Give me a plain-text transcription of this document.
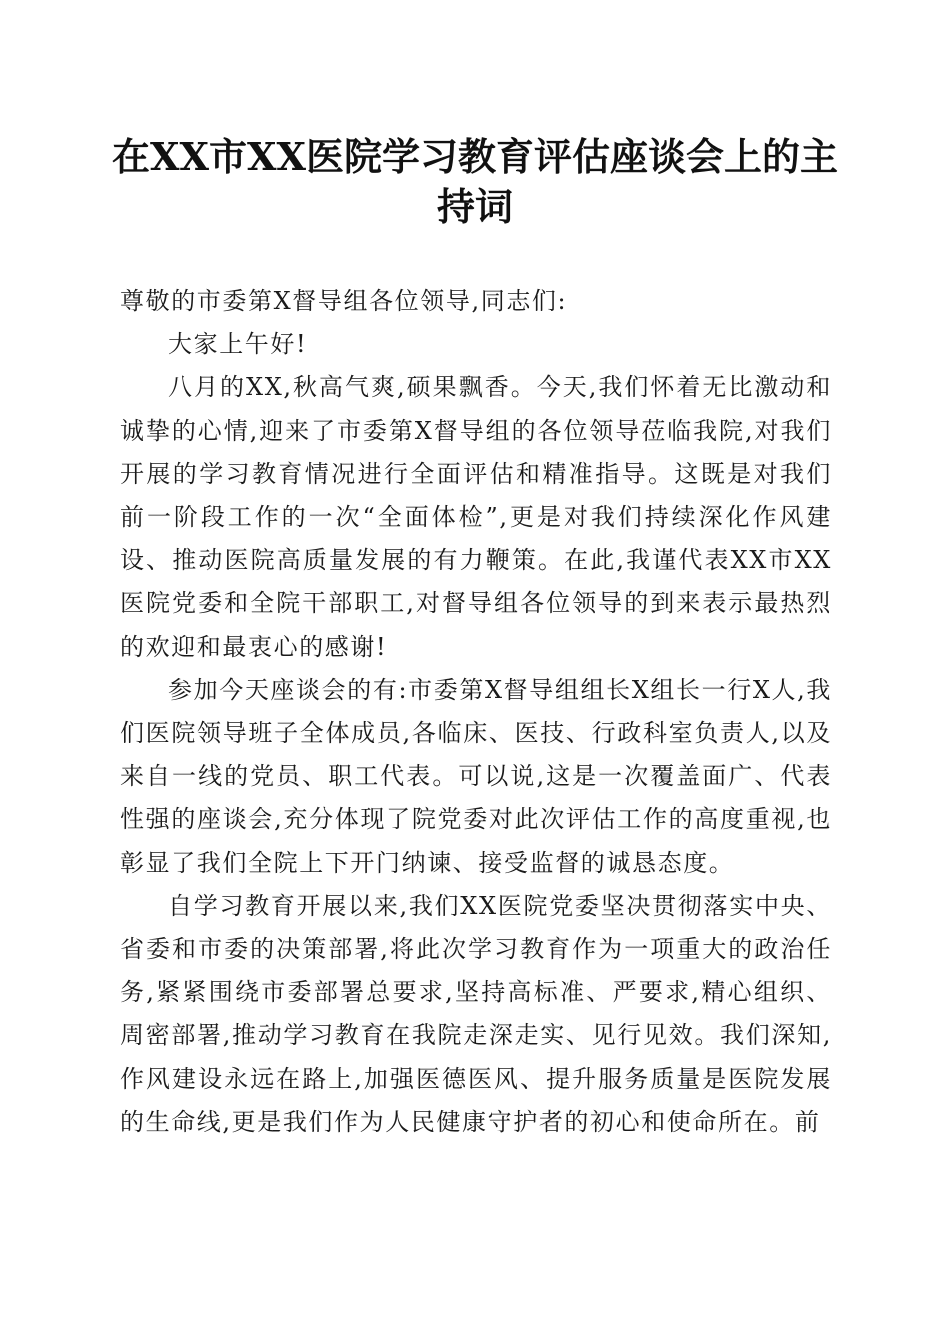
在XX市XX医院学习教育评估座谈会上的主持词

尊敬的市委第X督导组各位领导,同志们:

大家上午好!

八月的XX,秋高气爽,硕果飘香。今天,我们怀着无比激动和诚挚的心情,迎来了市委第X督导组的各位领导莅临我院,对我们开展的学习教育情况进行全面评估和精准指导。这既是对我们前一阶段工作的一次“全面体检”,更是对我们持续深化作风建设、推动医院高质量发展的有力鞭策。在此,我谨代表XX市XX医院党委和全院干部职工,对督导组各位领导的到来表示最热烈的欢迎和最衷心的感谢!

参加今天座谈会的有:市委第X督导组组长X组长一行X人,我们医院领导班子全体成员,各临床、医技、行政科室负责人,以及来自一线的党员、职工代表。可以说,这是一次覆盖面广、代表性强的座谈会,充分体现了院党委对此次评估工作的高度重视,也彰显了我们全院上下开门纳谏、接受监督的诚恳态度。

自学习教育开展以来,我们XX医院党委坚决贯彻落实中央、省委和市委的决策部署,将此次学习教育作为一项重大的政治任务,紧紧围绕市委部署总要求,坚持高标准、严要求,精心组织、周密部署,推动学习教育在我院走深走实、见行见效。我们深知,作风建设永远在路上,加强医德医风、提升服务质量是医院发展的生命线,更是我们作为人民健康守护者的初心和使命所在。前
